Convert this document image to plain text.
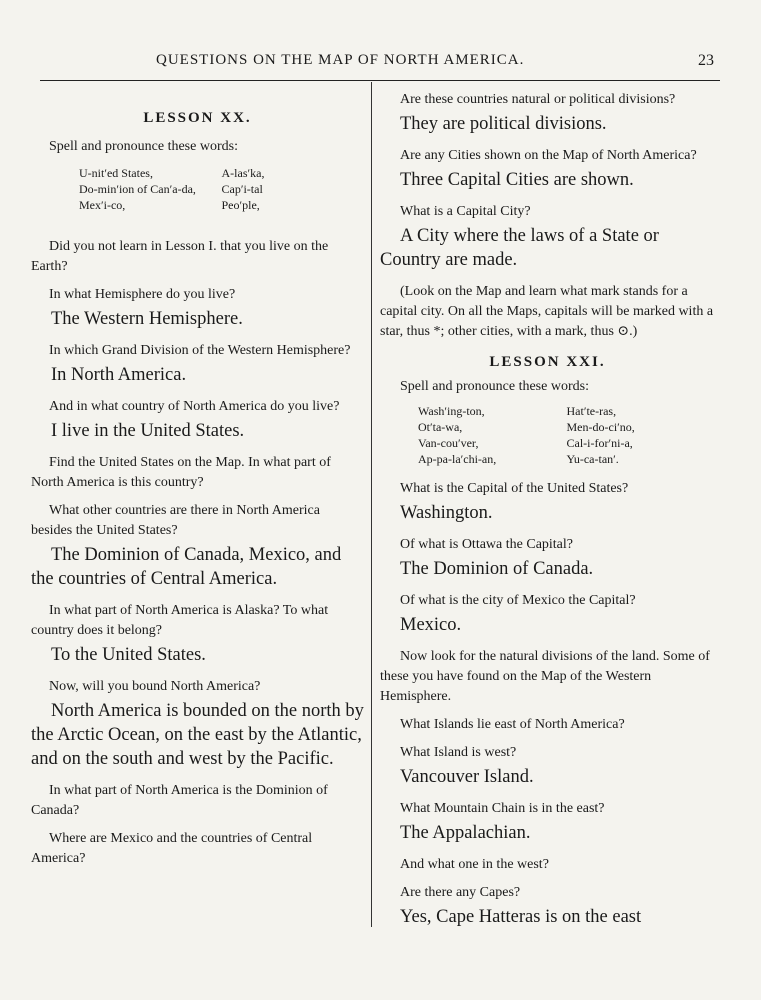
QUESTIONS ON THE MAP OF NORTH AMERICA.	23
LESSON XX.
Spell and pronounce these words:
U-nit′ed States,	A-las′ka,
Do-min′ion of Can′a-da,	Cap′i-tal
Mex′i-co,	Peo′ple,

Did you not learn in Lesson I. that you live on the Earth?

In what Hemisphere do you live?

The Western Hemisphere.

In which Grand Division of the Western Hemisphere?

In North America.

And in what country of North America do you live?

I live in the United States.

Find the United States on the Map. In what part of North America is this country?

What other countries are there in North America besides the United States?

The Dominion of Canada, Mexico, and the countries of Central America.

In what part of North America is Alaska? To what country does it belong?

To the United States.

Now, will you bound North America?

North America is bounded on the north by the Arctic Ocean, on the east by the Atlantic, and on the south and west by the Pacific.

In what part of North America is the Dominion of Canada?

Where are Mexico and the countries of Central America?

Are these countries natural or political divisions?

They are political divisions.

Are any Cities shown on the Map of North America?

Three Capital Cities are shown.

What is a Capital City?

A City where the laws of a State or Country are made.

(Look on the Map and learn what mark stands for a capital city. On all the Maps, capitals will be marked with a star, thus *; other cities, with a mark, thus ⊙.)

LESSON XXI.
Spell and pronounce these words:
Wash′ing-ton,	Hat′te-ras,
Ot′ta-wa,	Men-do-ci′no,
Van-cou′ver,	Cal-i-for′ni-a,
Ap-pa-la′chi-an,	Yu-ca-tan′.

What is the Capital of the United States?

Washington.

Of what is Ottawa the Capital?

The Dominion of Canada.

Of what is the city of Mexico the Capital?

Mexico.

Now look for the natural divisions of the land. Some of these you have found on the Map of the Western Hemisphere.

What Islands lie east of North America?

What Island is west?

Vancouver Island.

What Mountain Chain is in the east?

The Appalachian.

And what one in the west?

Are there any Capes?

Yes, Cape Hatteras is on the east
